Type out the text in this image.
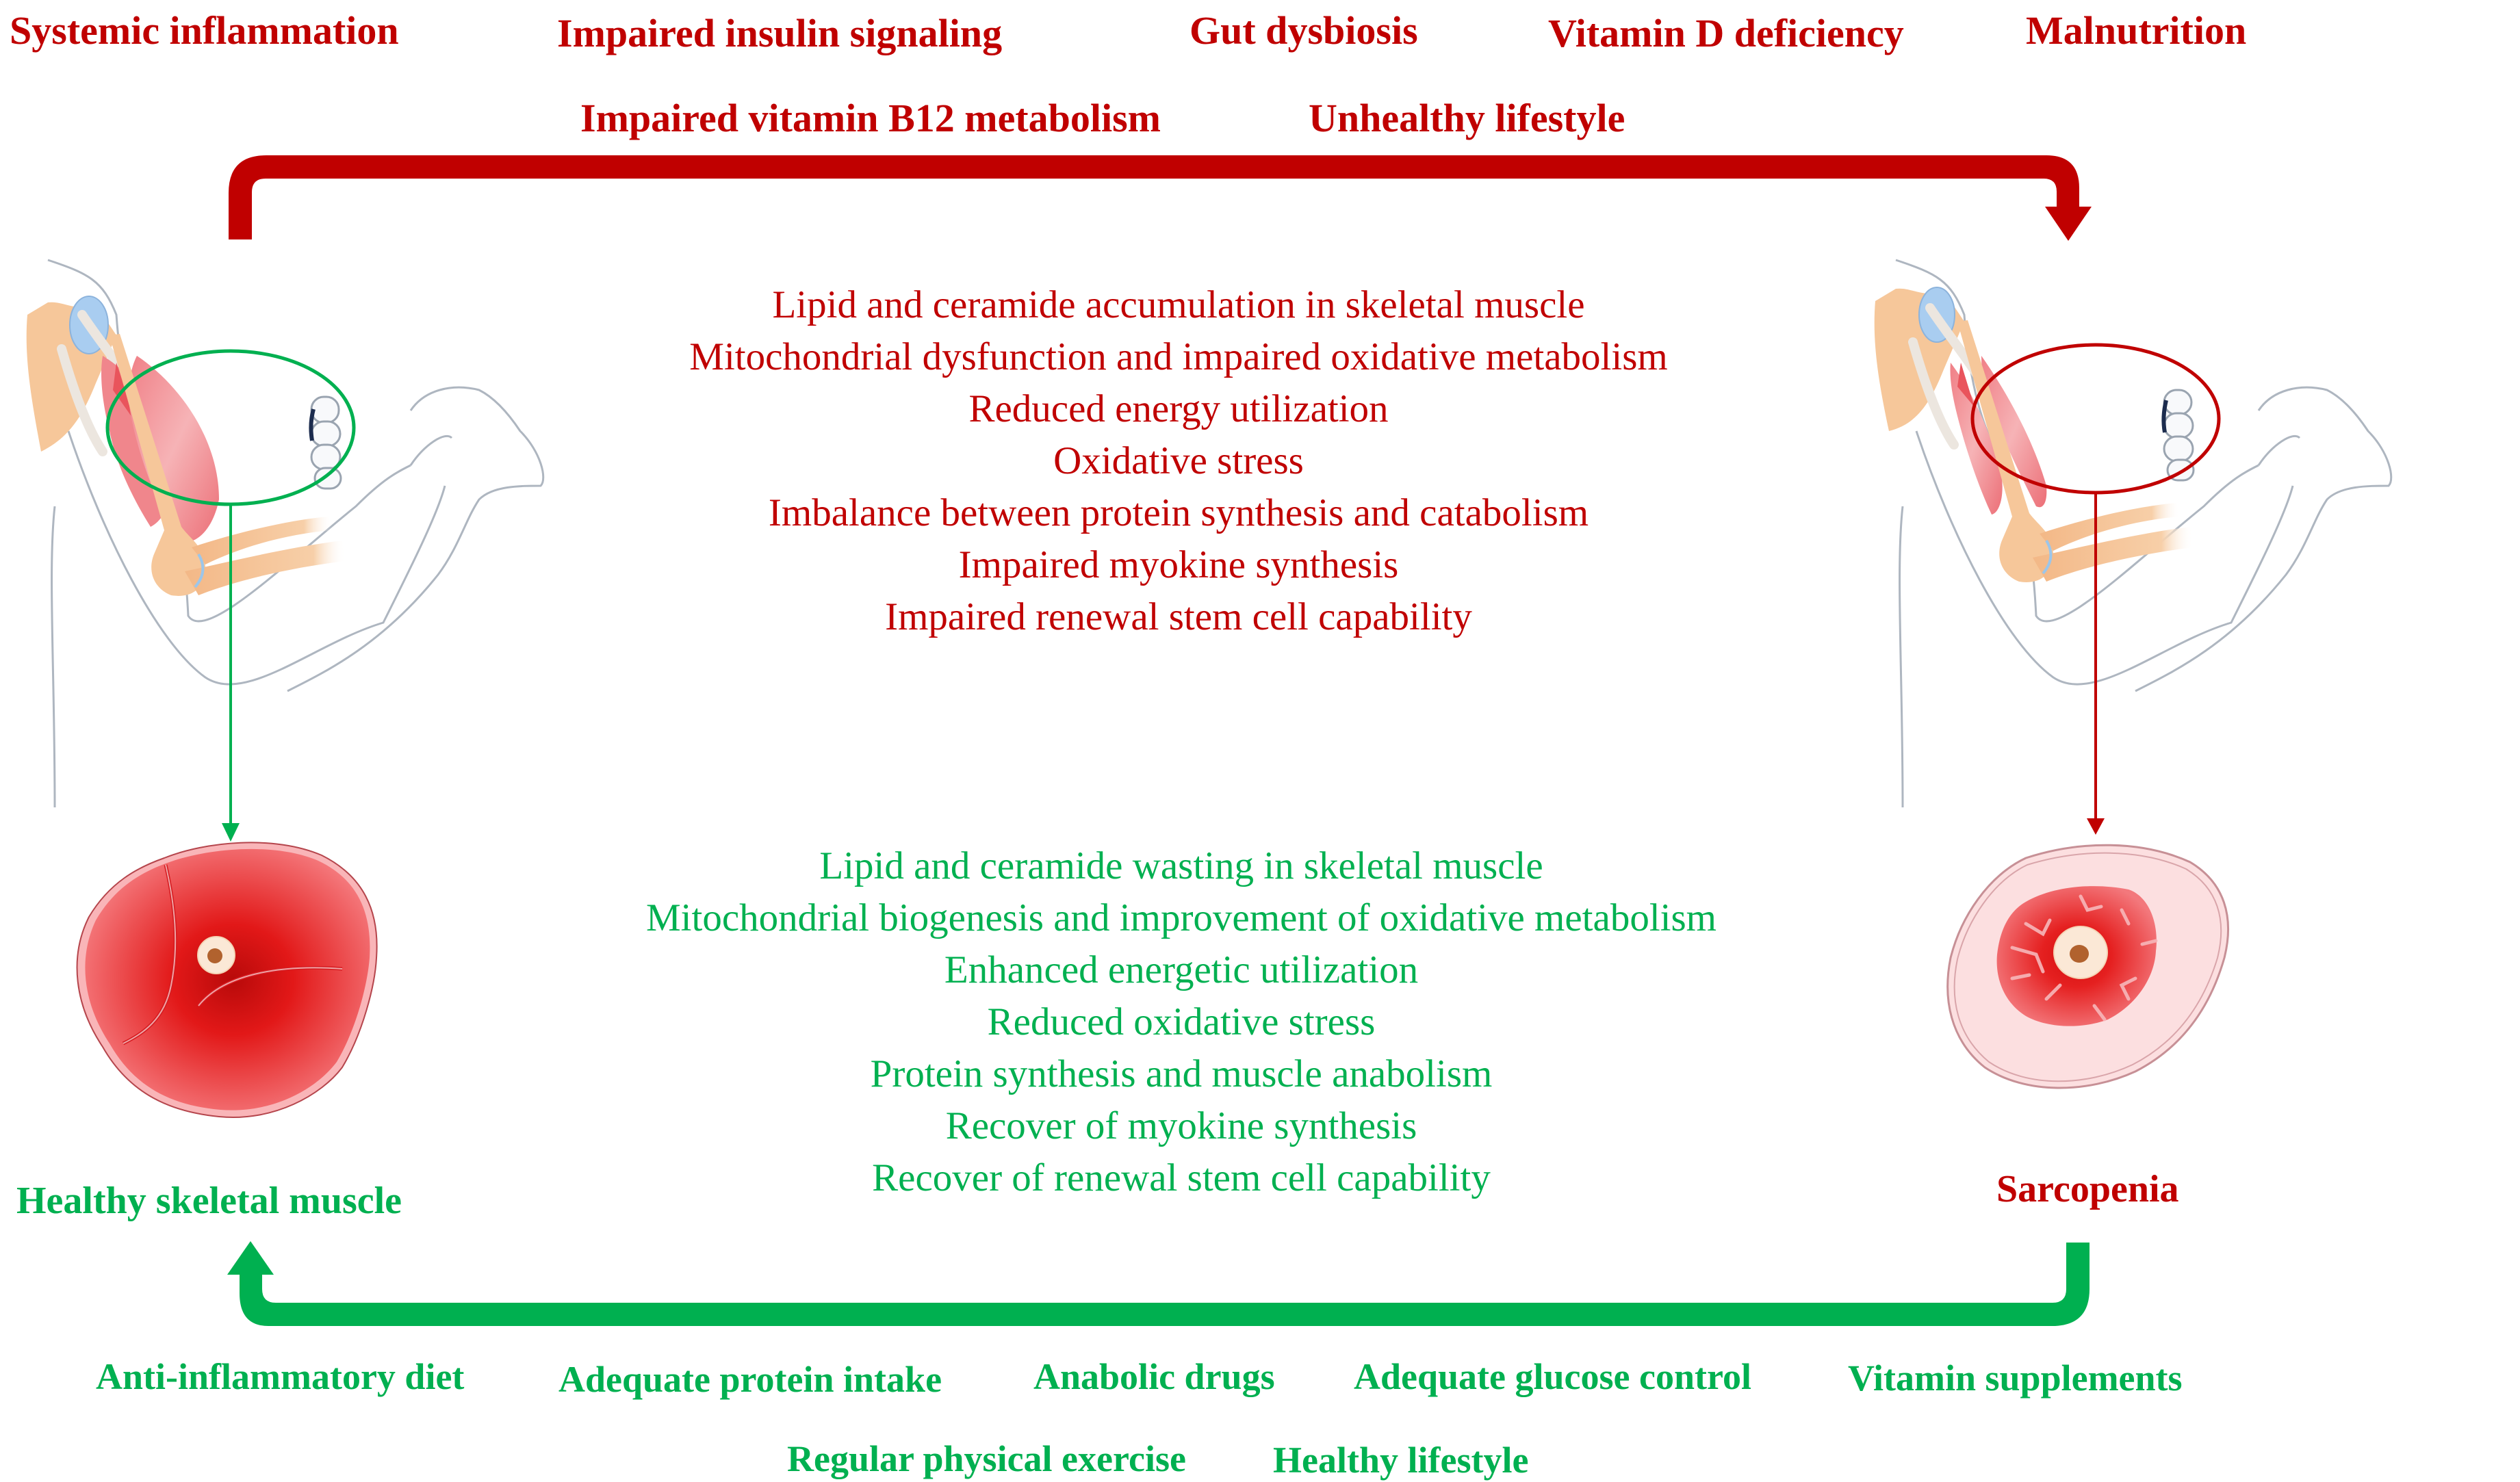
Systemic inflammation	Impaired insulin signaling	Gut dysbiosis	Vitamin D deficiency	Malnutrition
Impaired vitamin B12 metabolism	Unhealthy lifestyle
Lipid and ceramide accumulation in skeletal muscle
Mitochondrial dysfunction and impaired oxidative metabolism
Reduced energy utilization
Oxidative stress
Imbalance between protein synthesis and catabolism
Impaired myokine synthesis
Impaired renewal stem cell capability
Lipid and ceramide wasting in skeletal muscle
Mitochondrial biogenesis and improvement of oxidative metabolism
Enhanced energetic utilization
Reduced oxidative stress
Protein synthesis and muscle anabolism
Recover of myokine synthesis
Recover of renewal stem cell capability
Healthy skeletal muscle	Sarcopenia
Anti-inflammatory diet	Adequate protein intake Anabolic drugs Adequate glucose control	Vitamin supplements
Regular physical exercise Healthy lifestyle
